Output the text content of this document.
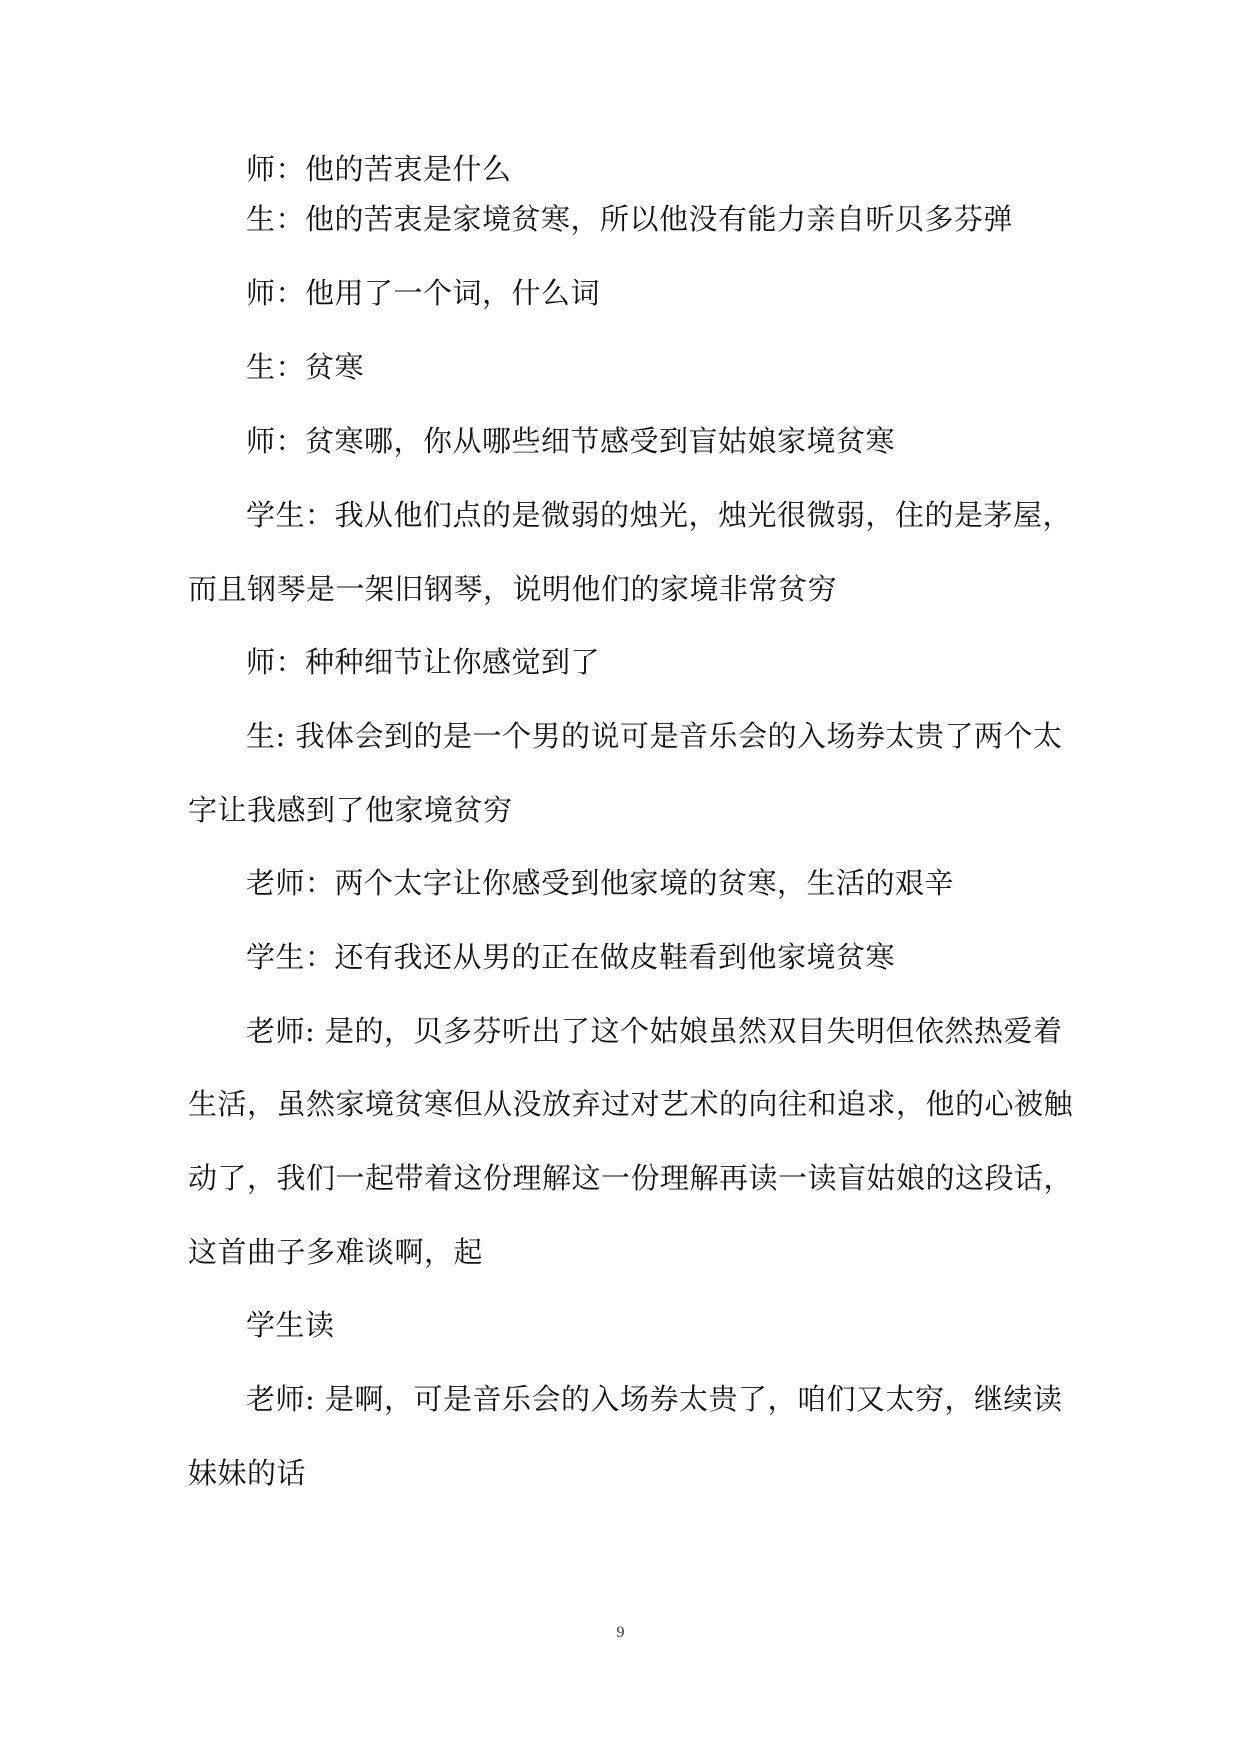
师：他的苦衷是什么
生：他的苦衷是家境贫寒，所以他没有能力亲自听贝多芬弹
师：他用了一个词，什么词
生：贫寒
师：贫寒哪，你从哪些细节感受到盲姑娘家境贫寒
学生：我从他们点的是微弱的烛光，烛光很微弱，住的是茅屋，
而且钢琴是一架旧钢琴，说明他们的家境非常贫穷
师：种种细节让你感觉到了
生: 我体会到的是一个男的说可是音乐会的入场券太贵了两个太
字让我感到了他家境贫穷
老师：两个太字让你感受到他家境的贫寒，生活的艰辛
学生：还有我还从男的正在做皮鞋看到他家境贫寒
老师: 是的，贝多芬听出了这个姑娘虽然双目失明但依然热爱着
生活，虽然家境贫寒但从没放弃过对艺术的向往和追求，他的心被触
动了，我们一起带着这份理解这一份理解再读一读盲姑娘的这段话，
这首曲子多难谈啊，起
学生读
老师: 是啊，可是音乐会的入场券太贵了，咱们又太穷，继续读
妹妹的话
9
